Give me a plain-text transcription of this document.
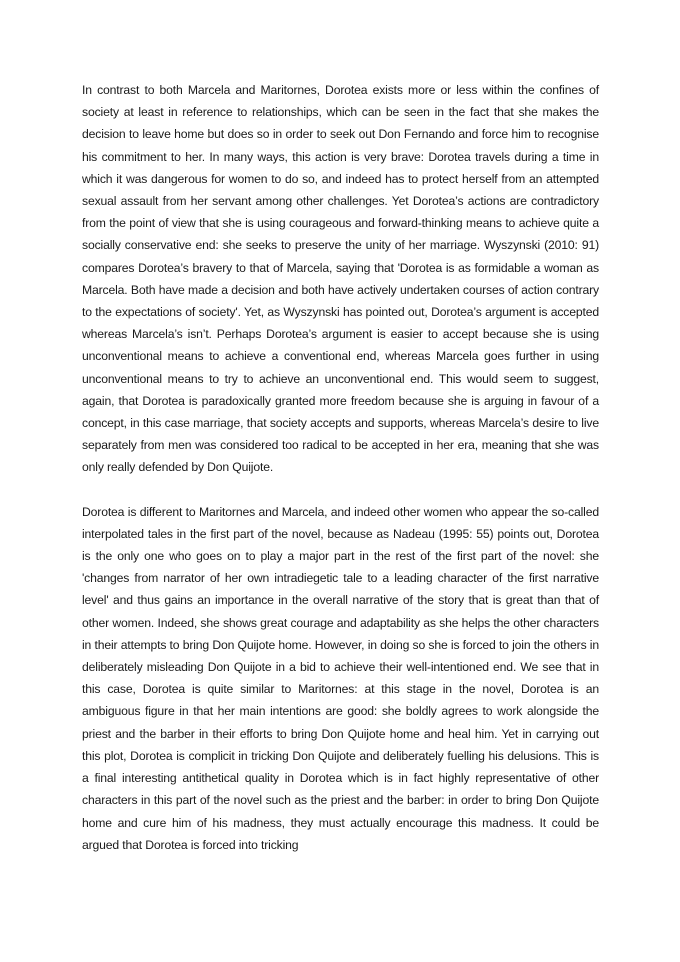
In contrast to both Marcela and Maritornes, Dorotea exists more or less within the confines of society at least in reference to relationships, which can be seen in the fact that she makes the decision to leave home but does so in order to seek out Don Fernando and force him to recognise his commitment to her. In many ways, this action is very brave: Dorotea travels during a time in which it was dangerous for women to do so, and indeed has to protect herself from an attempted sexual assault from her servant among other challenges. Yet Dorotea’s actions are contradictory from the point of view that she is using courageous and forward-thinking means to achieve quite a socially conservative end: she seeks to preserve the unity of her marriage. Wyszynski (2010: 91) compares Dorotea’s bravery to that of Marcela, saying that 'Dorotea is as formidable a woman as Marcela. Both have made a decision and both have actively undertaken courses of action contrary to the expectations of society'. Yet, as Wyszynski has pointed out, Dorotea’s argument is accepted whereas Marcela’s isn’t. Perhaps Dorotea’s argument is easier to accept because she is using unconventional means to achieve a conventional end, whereas Marcela goes further in using unconventional means to try to achieve an unconventional end. This would seem to suggest, again, that Dorotea is paradoxically granted more freedom because she is arguing in favour of a concept, in this case marriage, that society accepts and supports, whereas Marcela’s desire to live separately from men was considered too radical to be accepted in her era, meaning that she was only really defended by Don Quijote.

Dorotea is different to Maritornes and Marcela, and indeed other women who appear the so-called interpolated tales in the first part of the novel, because as Nadeau (1995: 55) points out, Dorotea is the only one who goes on to play a major part in the rest of the first part of the novel: she 'changes from narrator of her own intradiegetic tale to a leading character of the first narrative level' and thus gains an importance in the overall narrative of the story that is great than that of other women. Indeed, she shows great courage and adaptability as she helps the other characters in their attempts to bring Don Quijote home. However, in doing so she is forced to join the others in deliberately misleading Don Quijote in a bid to achieve their well-intentioned end. We see that in this case, Dorotea is quite similar to Maritornes: at this stage in the novel, Dorotea is an ambiguous figure in that her main intentions are good: she boldly agrees to work alongside the priest and the barber in their efforts to bring Don Quijote home and heal him. Yet in carrying out this plot, Dorotea is complicit in tricking Don Quijote and deliberately fuelling his delusions. This is a final interesting antithetical quality in Dorotea which is in fact highly representative of other characters in this part of the novel such as the priest and the barber: in order to bring Don Quijote home and cure him of his madness, they must actually encourage this madness. It could be argued that Dorotea is forced into tricking
